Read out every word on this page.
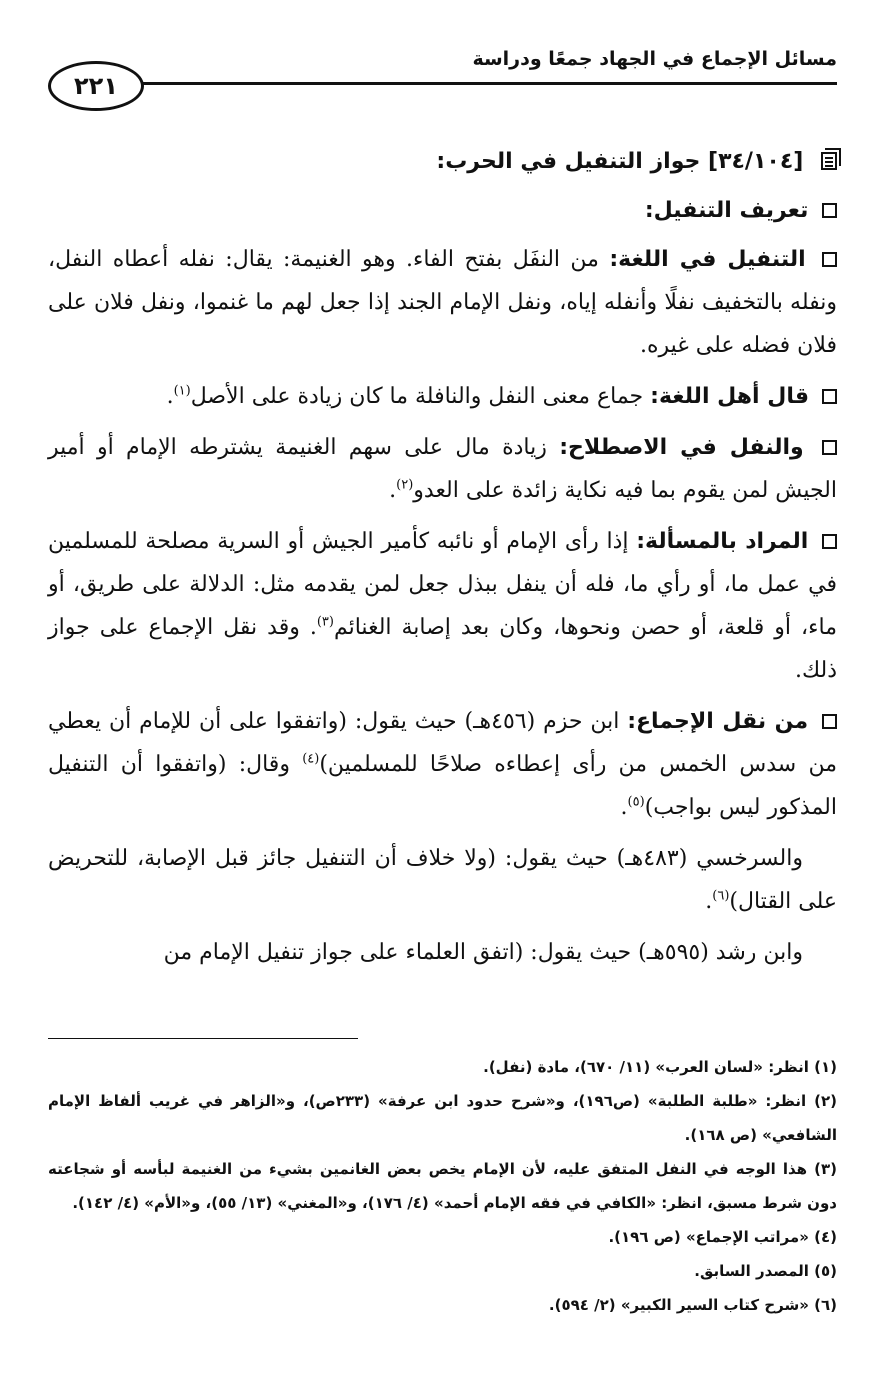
مسائل الإجماع في الجهاد جمعًا ودراسة
٢٢١
[٣٤/١٠٤] جواز التنفيل في الحرب:
تعريف التنفيل:

التنفيل في اللغة: من النفَل بفتح الفاء. وهو الغنيمة: يقال: نفله أعطاه النفل، ونفله بالتخفيف نفلًا وأنفله إياه، ونفل الإمام الجند إذا جعل لهم ما غنموا، ونفل فلان على فلان فضله على غيره.

قال أهل اللغة: جماع معنى النفل والنافلة ما كان زيادة على الأصل$^{(١)}$.

والنفل في الاصطلاح: زيادة مال على سهم الغنيمة يشترطه الإمام أو أمير الجيش لمن يقوم بما فيه نكاية زائدة على العدو$^{(٢)}$.

المراد بالمسألة: إذا رأى الإمام أو نائبه كأمير الجيش أو السرية مصلحة للمسلمين في عمل ما، أو رأي ما، فله أن ينفل ببذل جعل لمن يقدمه مثل: الدلالة على طريق، أو ماء، أو قلعة، أو حصن ونحوها، وكان بعد إصابة الغنائم$^{(٣)}$. وقد نقل الإجماع على جواز ذلك.

من نقل الإجماع: ابن حزم (٤٥٦هـ) حيث يقول: (واتفقوا على أن للإمام أن يعطي من سدس الخمس من رأى إعطاءه صلاحًا للمسلمين)$^{(٤)}$ وقال: (واتفقوا أن التنفيل المذكور ليس بواجب)$^{(٥)}$.

والسرخسي (٤٨٣هـ) حيث يقول: (ولا خلاف أن التنفيل جائز قبل الإصابة، للتحريض على القتال)$^{(٦)}$.

وابن رشد (٥٩٥هـ) حيث يقول: (اتفق العلماء على جواز تنفيل الإمام من

(١) انظر: «لسان العرب» (١١/ ٦٧٠)، مادة (نفل).

(٢) انظر: «طلبة الطلبة» (ص١٩٦)، و«شرح حدود ابن عرفة» (٢٣٣ص)، و«الزاهر في غريب ألفاظ الإمام الشافعي» (ص ١٦٨).

(٣) هذا الوجه في النفل المتفق عليه، لأن الإمام يخص بعض الغانمين بشيء من الغنيمة لبأسه أو شجاعته دون شرط مسبق، انظر: «الكافي في فقه الإمام أحمد» (٤/ ١٧٦)، و«المغني» (١٣/ ٥٥)، و«الأم» (٤/ ١٤٢).

(٤) «مراتب الإجماع» (ص ١٩٦).

(٥) المصدر السابق.

(٦) «شرح كتاب السير الكبير» (٢/ ٥٩٤).
